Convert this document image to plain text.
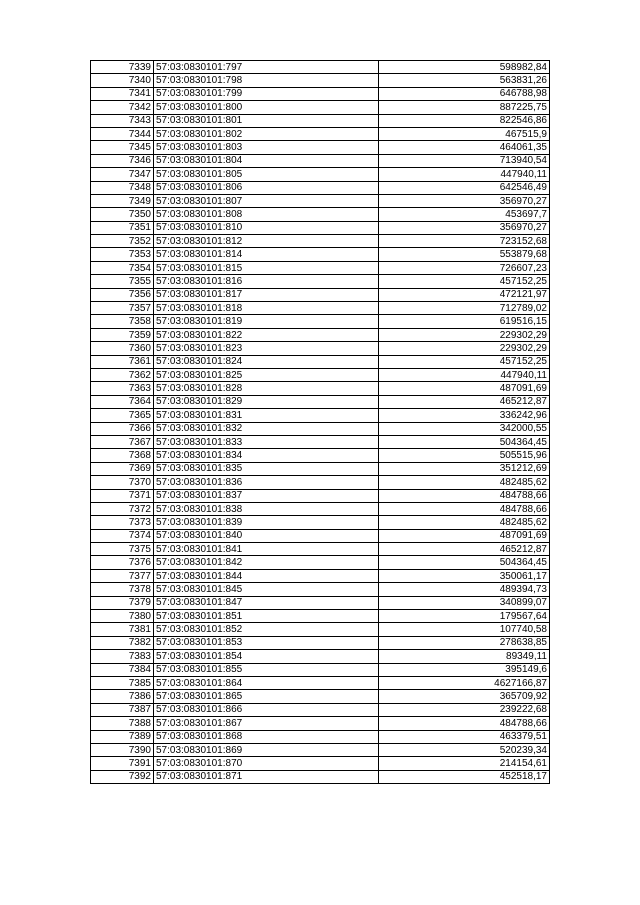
7339	57:03:0830101:797	598982,84
7340	57:03:0830101:798	563831,26
7341	57:03:0830101:799	646788,98
7342	57:03:0830101:800	887225,75
7343	57:03:0830101:801	822546,86
7344	57:03:0830101:802	467515,9
7345	57:03:0830101:803	464061,35
7346	57:03:0830101:804	713940,54
7347	57:03:0830101:805	447940,11
7348	57:03:0830101:806	642546,49
7349	57:03:0830101:807	356970,27
7350	57:03:0830101:808	453697,7
7351	57:03:0830101:810	356970,27
7352	57:03:0830101:812	723152,68
7353	57:03:0830101:814	553879,68
7354	57:03:0830101:815	726607,23
7355	57:03:0830101:816	457152,25
7356	57:03:0830101:817	472121,97
7357	57:03:0830101:818	712789,02
7358	57:03:0830101:819	619516,15
7359	57:03:0830101:822	229302,29
7360	57:03:0830101:823	229302,29
7361	57:03:0830101:824	457152,25
7362	57:03:0830101:825	447940,11
7363	57:03:0830101:828	487091,69
7364	57:03:0830101:829	465212,87
7365	57:03:0830101:831	336242,96
7366	57:03:0830101:832	342000,55
7367	57:03:0830101:833	504364,45
7368	57:03:0830101:834	505515,96
7369	57:03:0830101:835	351212,69
7370	57:03:0830101:836	482485,62
7371	57:03:0830101:837	484788,66
7372	57:03:0830101:838	484788,66
7373	57:03:0830101:839	482485,62
7374	57:03:0830101:840	487091,69
7375	57:03:0830101:841	465212,87
7376	57:03:0830101:842	504364,45
7377	57:03:0830101:844	350061,17
7378	57:03:0830101:845	489394,73
7379	57:03:0830101:847	340899,07
7380	57:03:0830101:851	179567,64
7381	57:03:0830101:852	107740,58
7382	57:03:0830101:853	278638,85
7383	57:03:0830101:854	89349,11
7384	57:03:0830101:855	395149,6
7385	57:03:0830101:864	4627166,87
7386	57:03:0830101:865	365709,92
7387	57:03:0830101:866	239222,68
7388	57:03:0830101:867	484788,66
7389	57:03:0830101:868	463379,51
7390	57:03:0830101:869	520239,34
7391	57:03:0830101:870	214154,61
7392	57:03:0830101:871	452518,17
